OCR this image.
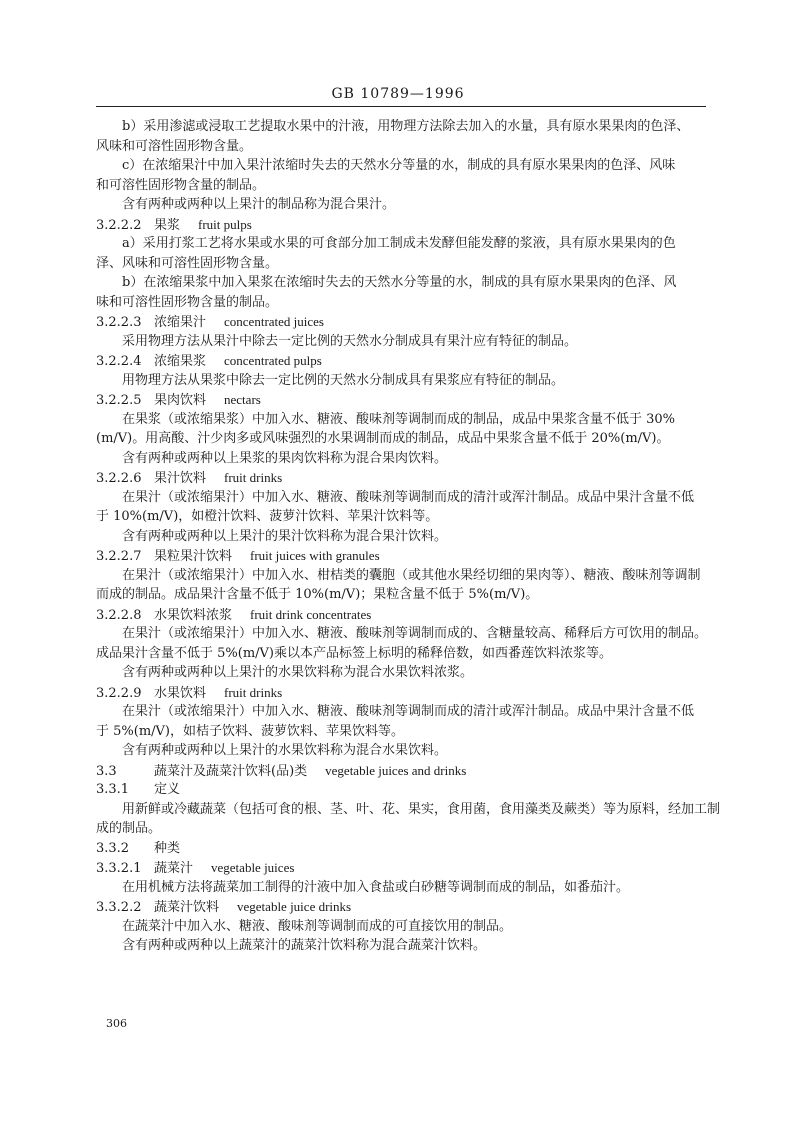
GB 10789—1996
b）采用渗滤或浸取工艺提取水果中的汁液，用物理方法除去加入的水量，具有原水果果肉的色泽、
风味和可溶性固形物含量。
c）在浓缩果汁中加入果汁浓缩时失去的天然水分等量的水，制成的具有原水果果肉的色泽、风味
和可溶性固形物含量的制品。
含有两种或两种以上果汁的制品称为混合果汁。
3.2.2.2 果浆 fruit pulps
a）采用打浆工艺将水果或水果的可食部分加工制成未发酵但能发酵的浆液，具有原水果果肉的色
泽、风味和可溶性固形物含量。
b）在浓缩果浆中加入果浆在浓缩时失去的天然水分等量的水，制成的具有原水果果肉的色泽、风
味和可溶性固形物含量的制品。
3.2.2.3 浓缩果汁 concentrated juices
采用物理方法从果汁中除去一定比例的天然水分制成具有果汁应有特征的制品。
3.2.2.4 浓缩果浆 concentrated pulps
用物理方法从果浆中除去一定比例的天然水分制成具有果浆应有特征的制品。
3.2.2.5 果肉饮料 nectars
在果浆（或浓缩果浆）中加入水、糖液、酸味剂等调制而成的制品，成品中果浆含量不低于 30%
(m/V)。用高酸、汁少肉多或风味强烈的水果调制而成的制品，成品中果浆含量不低于 20%(m/V)。
含有两种或两种以上果浆的果肉饮料称为混合果肉饮料。
3.2.2.6 果汁饮料 fruit drinks
在果汁（或浓缩果汁）中加入水、糖液、酸味剂等调制而成的清汁或浑汁制品。成品中果汁含量不低
于 10%(m/V)，如橙汁饮料、菠萝汁饮料、苹果汁饮料等。
含有两种或两种以上果汁的果汁饮料称为混合果汁饮料。
3.2.2.7 果粒果汁饮料 fruit juices with granules
在果汁（或浓缩果汁）中加入水、柑桔类的囊胞（或其他水果经切细的果肉等）、糖液、酸味剂等调制
而成的制品。成品果汁含量不低于 10%(m/V)；果粒含量不低于 5%(m/V)。
3.2.2.8 水果饮料浓浆 fruit drink concentrates
在果汁（或浓缩果汁）中加入水、糖液、酸味剂等调制而成的、含糖量较高、稀释后方可饮用的制品。
成品果汁含量不低于 5%(m/V)乘以本产品标签上标明的稀释倍数，如西番莲饮料浓浆等。
含有两种或两种以上果汁的水果饮料称为混合水果饮料浓浆。
3.2.2.9 水果饮料 fruit drinks
在果汁（或浓缩果汁）中加入水、糖液、酸味剂等调制而成的清汁或浑汁制品。成品中果汁含量不低
于 5%(m/V)，如桔子饮料、菠萝饮料、苹果饮料等。
含有两种或两种以上果汁的水果饮料称为混合水果饮料。
3.3	蔬菜汁及蔬菜汁饮料(品)类 vegetable juices and drinks
3.3.1 定义
用新鲜或冷藏蔬菜（包括可食的根、茎、叶、花、果实，食用菌，食用藻类及蕨类）等为原料，经加工制
成的制品。
3.3.2 种类
3.3.2.1 蔬菜汁 vegetable juices
在用机械方法将蔬菜加工制得的汁液中加入食盐或白砂糖等调制而成的制品，如番茄汁。
3.3.2.2 蔬菜汁饮料 vegetable juice drinks
在蔬菜汁中加入水、糖液、酸味剂等调制而成的可直接饮用的制品。
含有两种或两种以上蔬菜汁的蔬菜汁饮料称为混合蔬菜汁饮料。
306
